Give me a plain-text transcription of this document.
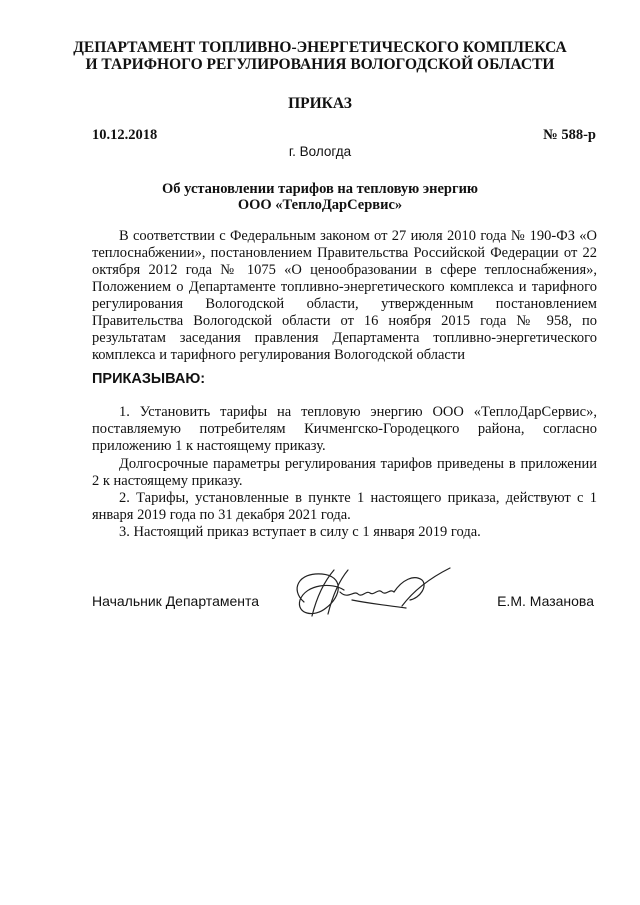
ДЕПАРТАМЕНТ ТОПЛИВНО-ЭНЕРГЕТИЧЕСКОГО КОМПЛЕКСА
И ТАРИФНОГО РЕГУЛИРОВАНИЯ ВОЛОГОДСКОЙ ОБЛАСТИ
ПРИКАЗ
10.12.2018	№ 588-р
г. Вологда
Об установлении тарифов на тепловую энергию
ООО «ТеплоДарСервис»

В соответствии с Федеральным законом от 27 июля 2010 года № 190-ФЗ «О теплоснабжении», постановлением Правительства Российской Федерации от 22 октября 2012 года № 1075 «О ценообразовании в сфере теплоснабжения», Положением о Департаменте топливно-энергетического комплекса и тарифного регулирования Вологодской области, утвержденным постановлением Правительства Вологодской области от 16 ноября 2015 года № 958, по результатам заседания правления Департамента топливно-энергетического комплекса и тарифного регулирования Вологодской области

ПРИКАЗЫВАЮ:

1. Установить тарифы на тепловую энергию ООО «ТеплоДарСервис», поставляемую потребителям Кичменгско-Городецкого района, согласно приложению 1 к настоящему приказу.

Долгосрочные параметры регулирования тарифов приведены в приложении 2 к настоящему приказу.

2. Тарифы, установленные в пункте 1 настоящего приказа, действуют с 1 января 2019 года по 31 декабря 2021 года.

3. Настоящий приказ вступает в силу с 1 января 2019 года.

Начальник Департамента	Е.М. Мазанова
